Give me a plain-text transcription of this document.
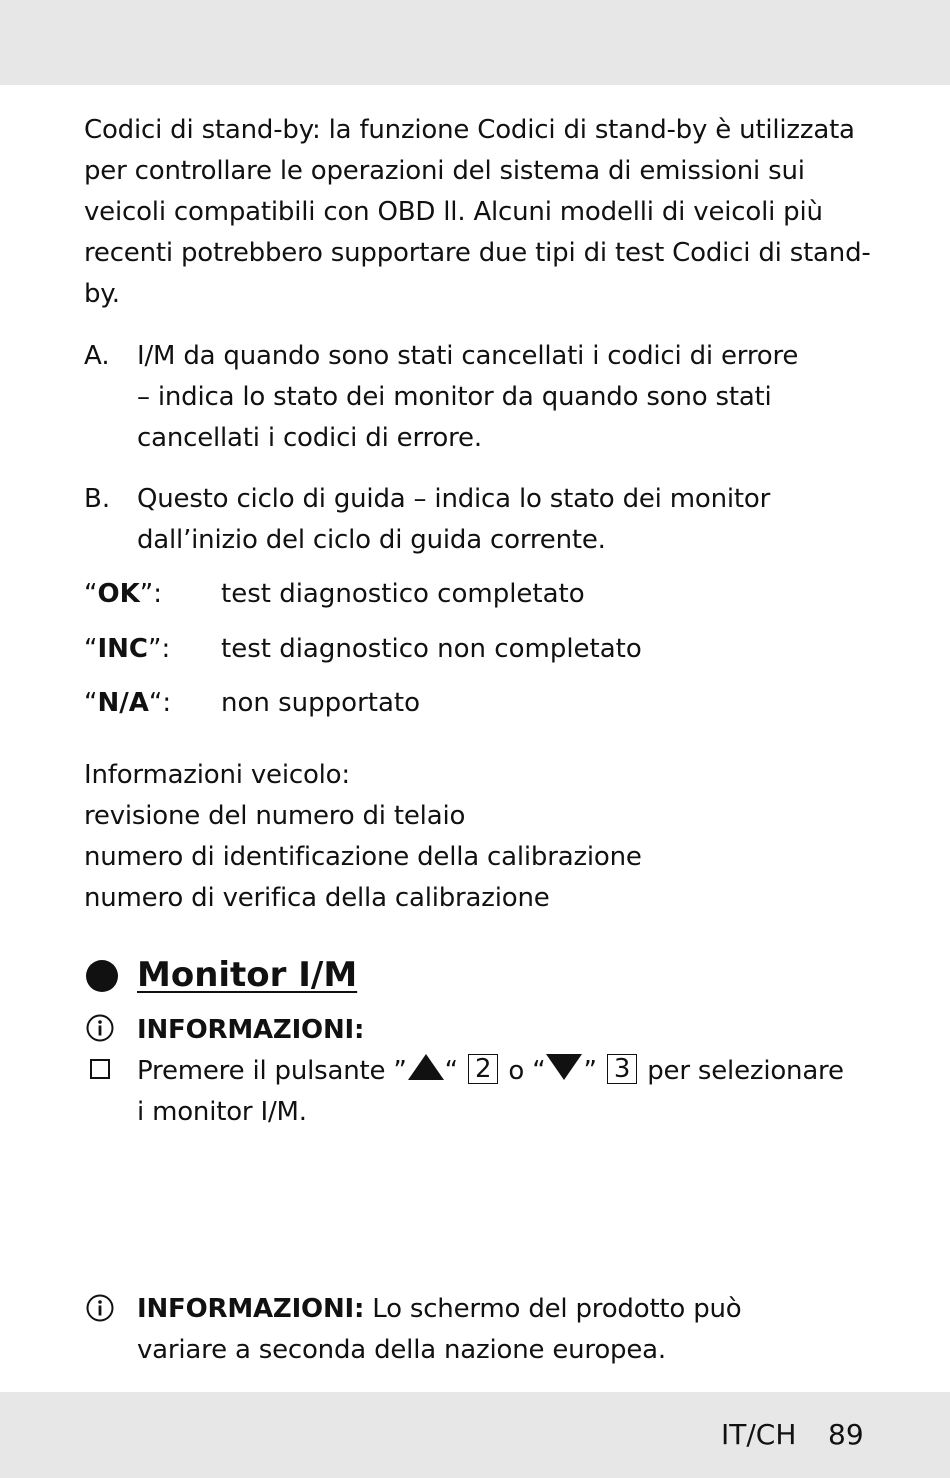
Codici di stand-by: la funzione Codici di stand-by è utilizzata
per controllare le operazioni del sistema di emissioni sui
veicoli compatibili con OBD ll. Alcuni modelli di veicoli più
recenti potrebbero supportare due tipi di test Codici di stand-
by.
A. I/M da quando sono stati cancellati i codici di errore
– indica lo stato dei monitor da quando sono stati
cancellati i codici di errore.
B. Questo ciclo di guida – indica lo stato dei monitor
dall’inizio del ciclo di guida corrente.
“OK”: test diagnostico completato
“INC”: test diagnostico non completato
“N/A“: non supportato
Informazioni veicolo:
revisione del numero di telaio
numero di identificazione della calibrazione
numero di verifica della calibrazione
Monitor I/M
INFORMAZIONI:
Premere il pulsante ” “ 2 o “ ” 3 per selezionare
i monitor I/M.
INFORMAZIONI: Lo schermo del prodotto può
variare a seconda della nazione europea.
IT/CH 89
